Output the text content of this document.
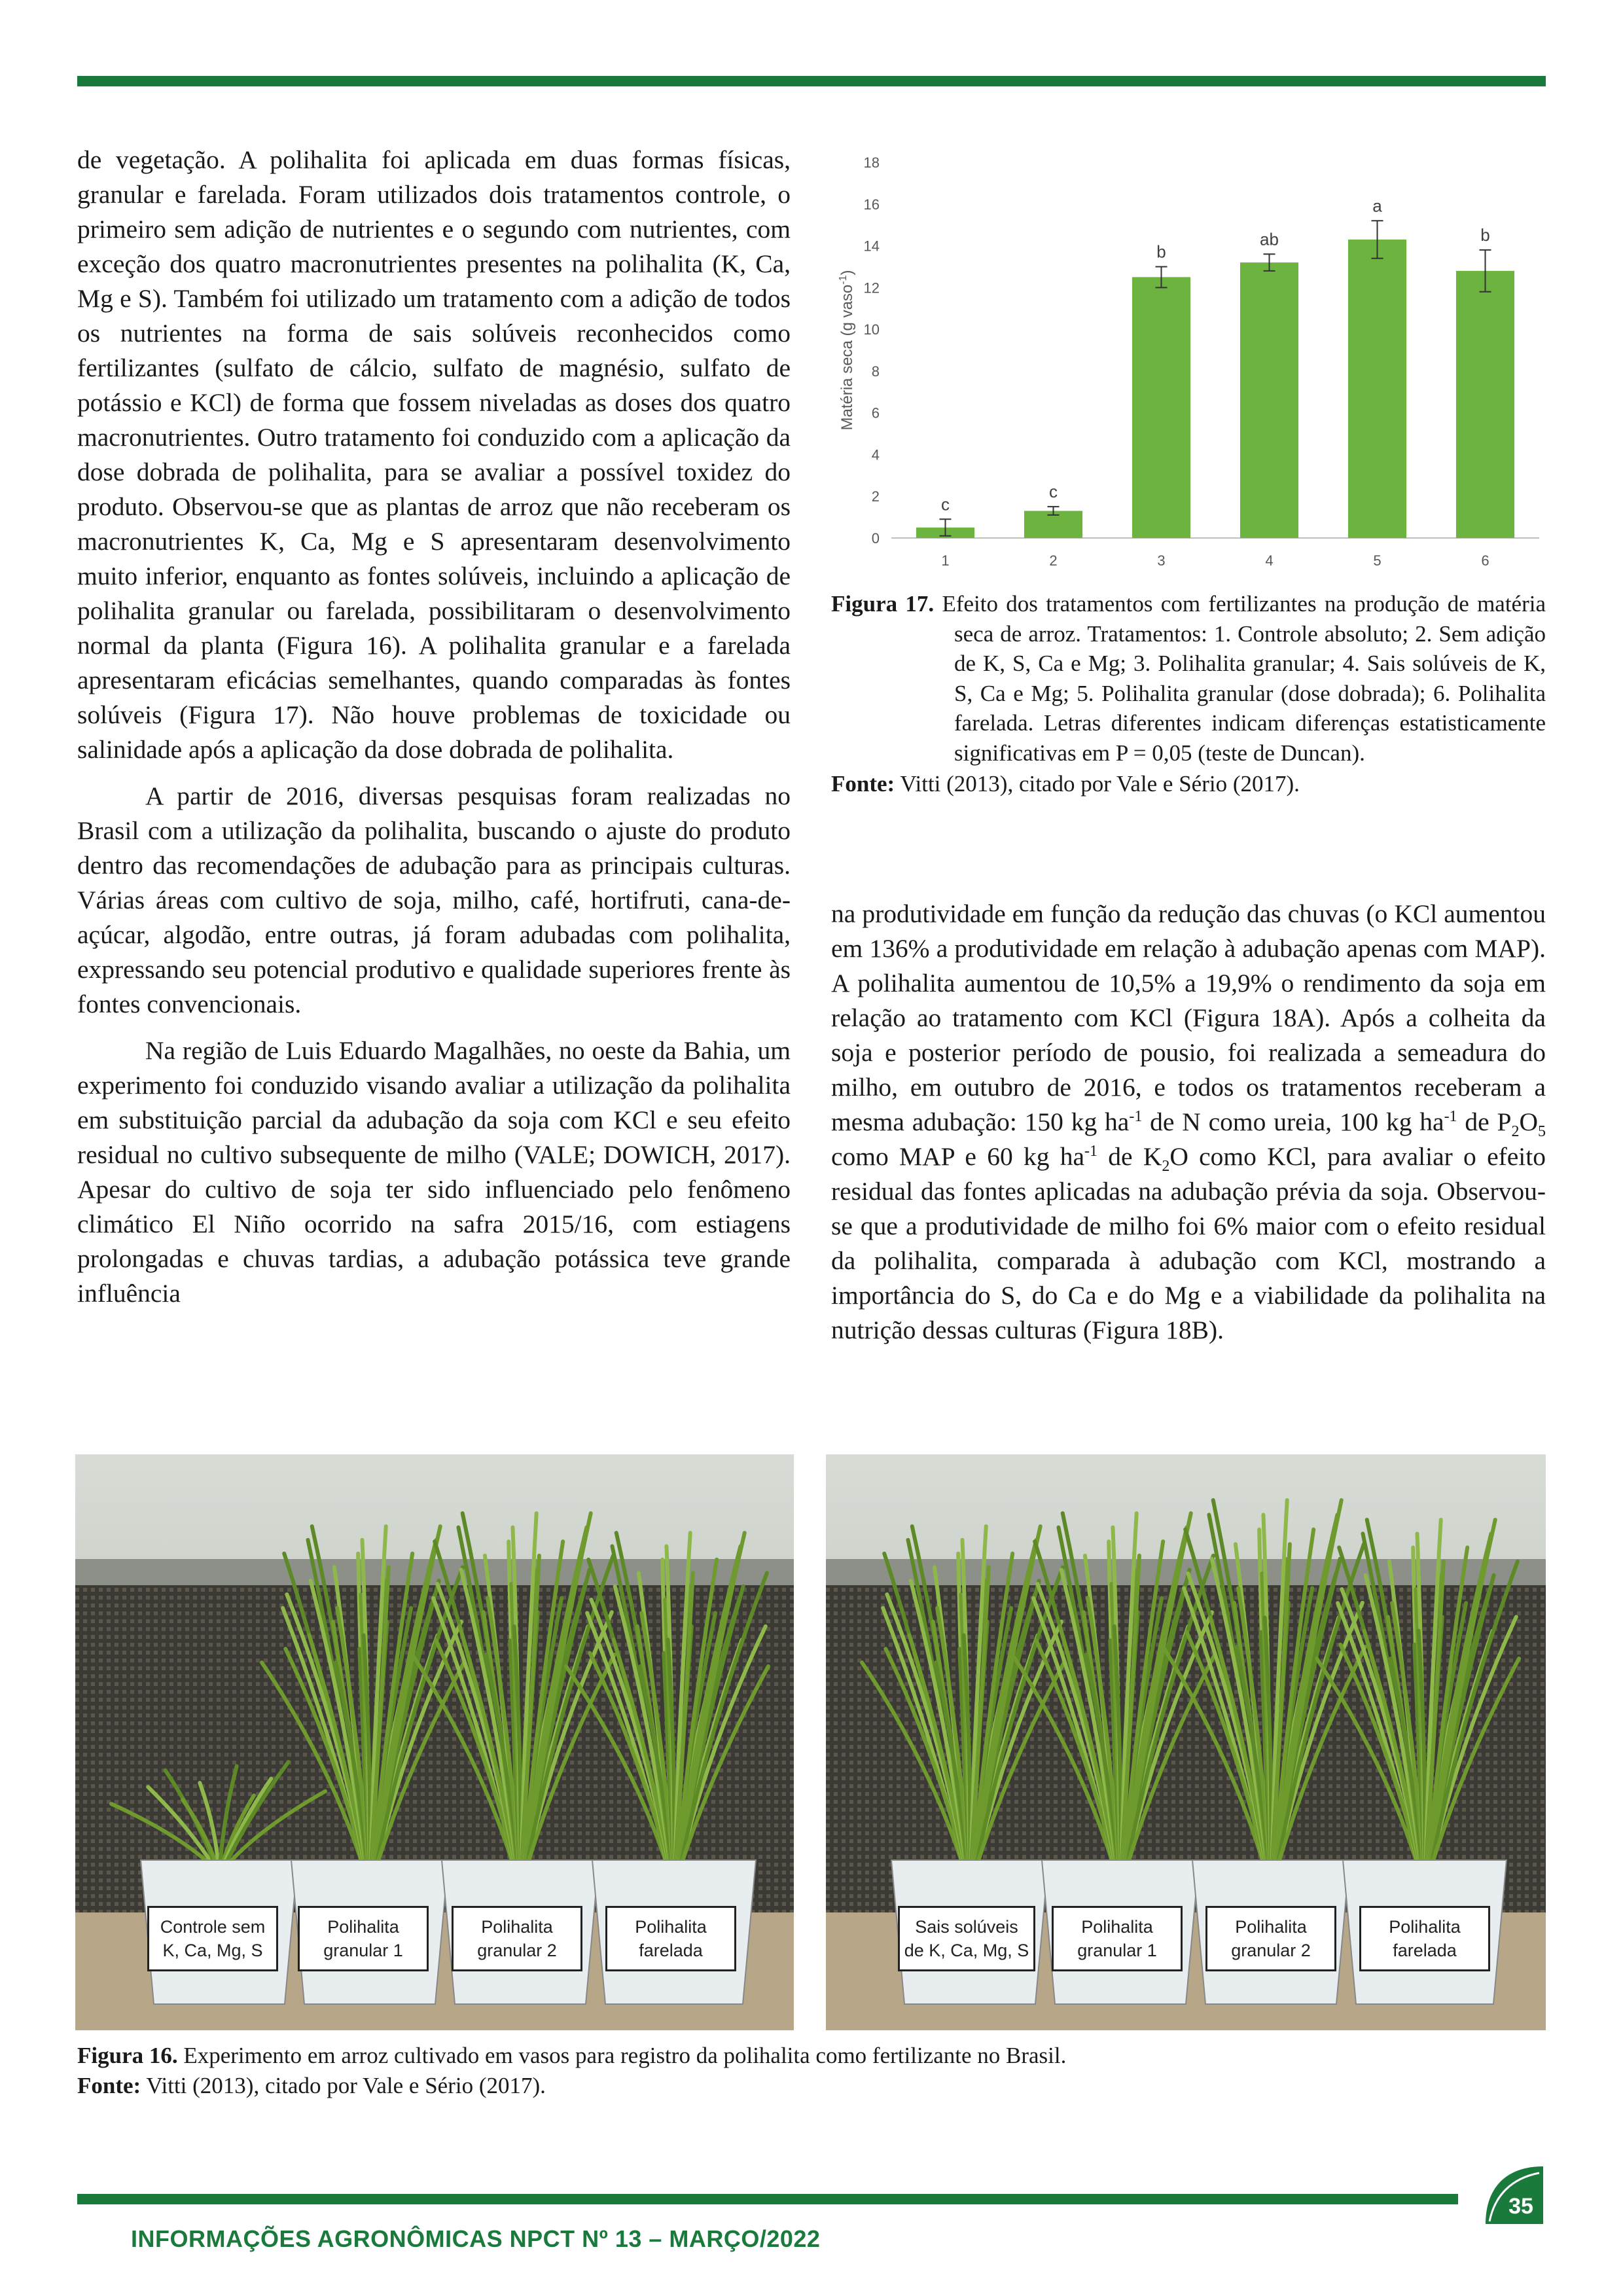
de vegetação. A polihalita foi aplicada em duas formas físicas, granular e farelada. Foram utilizados dois tratamentos controle, o primeiro sem adição de nutrientes e o segundo com nutrientes, com exceção dos quatro macronutrientes presentes na polihalita (K, Ca, Mg e S). Também foi utilizado um tratamento com a adição de todos os nutrientes na forma de sais solúveis reconhecidos como fertilizantes (sulfato de cálcio, sulfato de magnésio, sulfato de potássio e KCl) de forma que fossem niveladas as doses dos quatro macronutrientes. Outro tratamento foi conduzido com a aplicação da dose dobrada de polihalita, para se avaliar a possível toxidez do produto. Observou-se que as plantas de arroz que não receberam os macronutrientes K, Ca, Mg e S apresentaram desenvolvimento muito inferior, enquanto as fontes solúveis, incluindo a aplicação de polihalita granular ou farelada, possibilitaram o desenvolvimento normal da planta (Figura 16). A polihalita granular e a farelada apresentaram eficácias semelhantes, quando comparadas às fontes solúveis (Figura 17). Não houve problemas de toxicidade ou salinidade após a aplicação da dose dobrada de polihalita.

A partir de 2016, diversas pesquisas foram realizadas no Brasil com a utilização da polihalita, buscando o ajuste do produto dentro das recomendações de adubação para as principais culturas. Várias áreas com cultivo de soja, milho, café, hortifruti, cana-de-açúcar, algodão, entre outras, já foram adubadas com polihalita, expressando seu potencial produtivo e qualidade superiores frente às fontes convencionais.

Na região de Luis Eduardo Magalhães, no oeste da Bahia, um experimento foi conduzido visando avaliar a utilização da polihalita em substituição parcial da adubação da soja com KCl e seu efeito residual no cultivo subsequente de milho (VALE; DOWICH, 2017). Apesar do cultivo de soja ter sido influenciado pelo fenômeno climático El Niño ocorrido na safra 2015/16, com estiagens prolongadas e chuvas tardias, a adubação potássica teve grande influência

0
2
4
6
8
10
12
14
16
18
Matéria seca (g vaso$^{-1}$)
c
1
c
2
b
3
ab
4
a
5
b
6
Figura 17. Efeito dos tratamentos com fertilizantes na produção de matéria seca de arroz. Tratamentos: 1. Controle absoluto; 2. Sem adição de K, S, Ca e Mg; 3. Polihalita granular; 4. Sais solúveis de K, S, Ca e Mg; 5. Polihalita granular (dose dobrada); 6. Polihalita farelada. Letras diferentes indicam diferenças estatisticamente significativas em P = 0,05 (teste de Duncan).
Fonte: Vitti (2013), citado por Vale e Sério (2017).

na produtividade em função da redução das chuvas (o KCl aumentou em 136% a produtividade em relação à adubação apenas com MAP). A polihalita aumentou de 10,5% a 19,9% o rendimento da soja em relação ao tratamento com KCl (Figura 18A). Após a colheita da soja e posterior período de pousio, foi realizada a semeadura do milho, em outubro de 2016, e todos os tratamentos receberam a mesma adubação: 150 kg $ha^{-1}$ de N como ureia, 100 kg $ha^{-1}$ de $P_2O_5$ como MAP e 60 kg $ha^{-1}$ de $K_2O$ como KCl, para avaliar o efeito residual das fontes aplicadas na adubação prévia da soja. Observou-se que a produtividade de milho foi 6% maior com o efeito residual da polihalita, comparada à adubação com KCl, mostrando a importância do S, do Ca e do Mg e a viabilidade da polihalita na nutrição dessas culturas (Figura 18B).

Controle sem
K, Ca, Mg, S
Polihalita
granular 1
Polihalita
granular 2
Polihalita
farelada
Sais solúveis
de K, Ca, Mg, S
Polihalita
granular 1
Polihalita
granular 2
Polihalita
farelada
Figura 16. Experimento em arroz cultivado em vasos para registro da polihalita como fertilizante no Brasil.
Fonte: Vitti (2013), citado por Vale e Sério (2017).
INFORMAÇÕES AGRONÔMICAS NPCT Nº 13 – MARÇO/2022
35
